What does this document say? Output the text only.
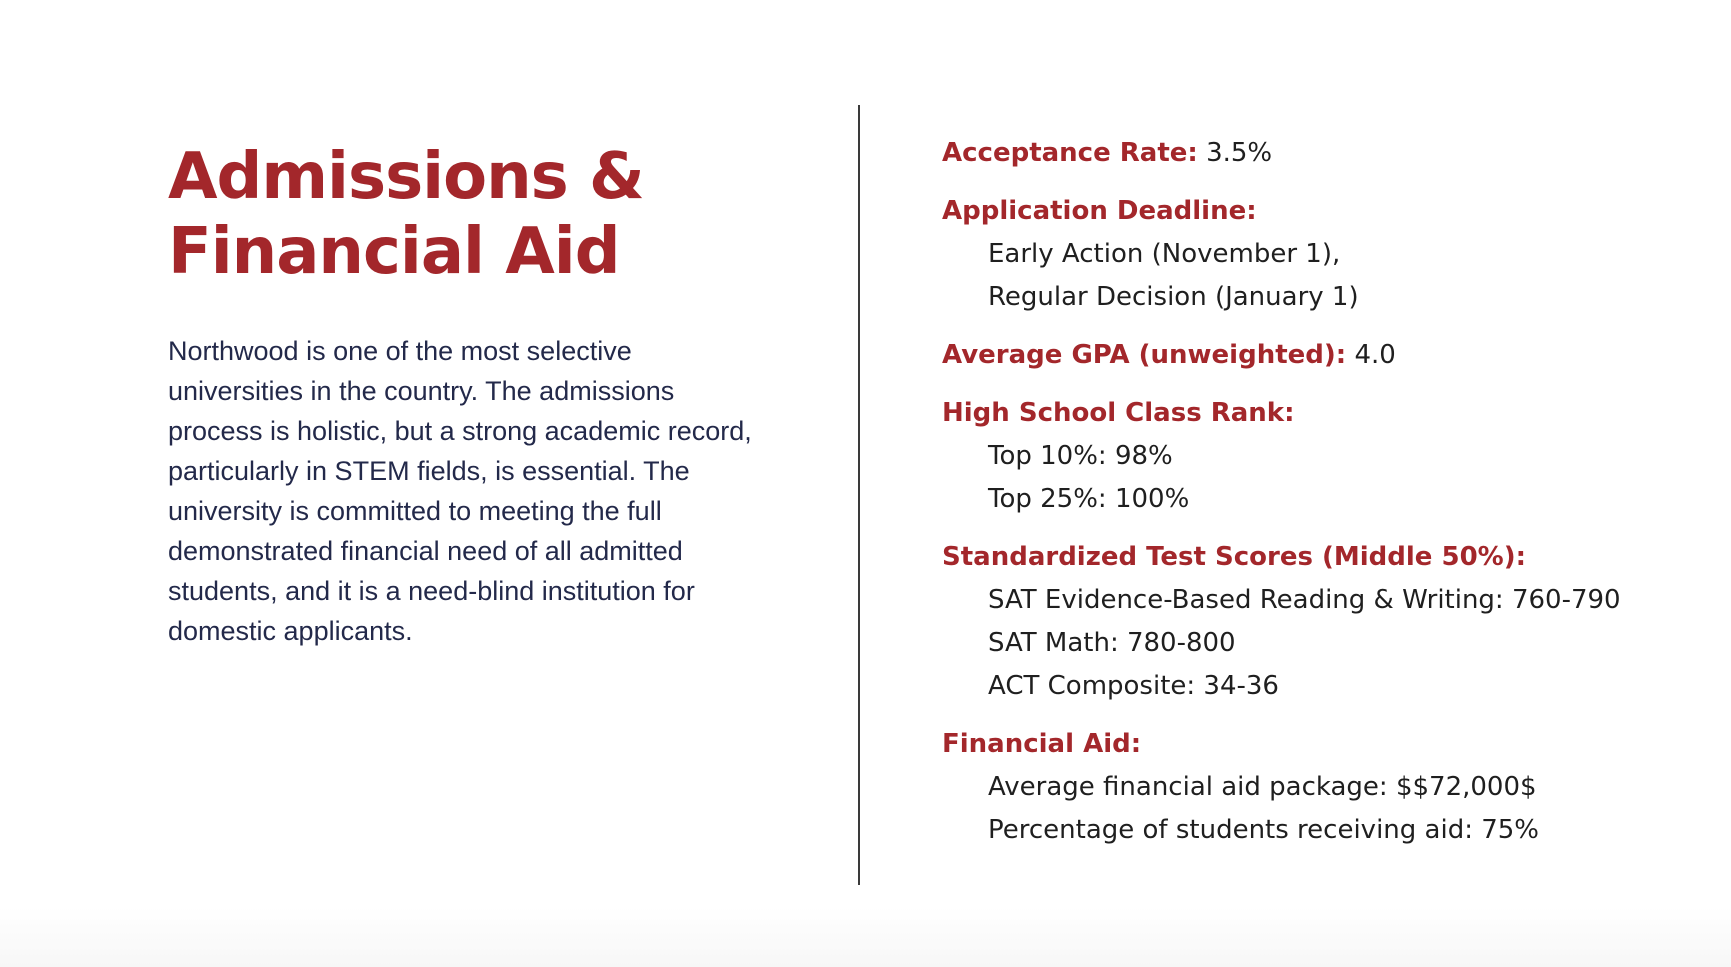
Admissions &
Financial Aid

Northwood is one of the most selective universities in the country. The admissions process is holistic, but a strong academic record, particularly in STEM fields, is essential. The university is committed to meeting the full demonstrated financial need of all admitted students, and it is a need-blind institution for domestic applicants.

Acceptance Rate: 3.5%
Application Deadline:
Early Action (November 1),
Regular Decision (January 1)
Average GPA (unweighted): 4.0
High School Class Rank:
Top 10%: 98%
Top 25%: 100%
Standardized Test Scores (Middle 50%):
SAT Evidence-Based Reading & Writing: 760-790
SAT Math: 780-800
ACT Composite: 34-36
Financial Aid:
Average financial aid package: $$72,000$
Percentage of students receiving aid: 75%
